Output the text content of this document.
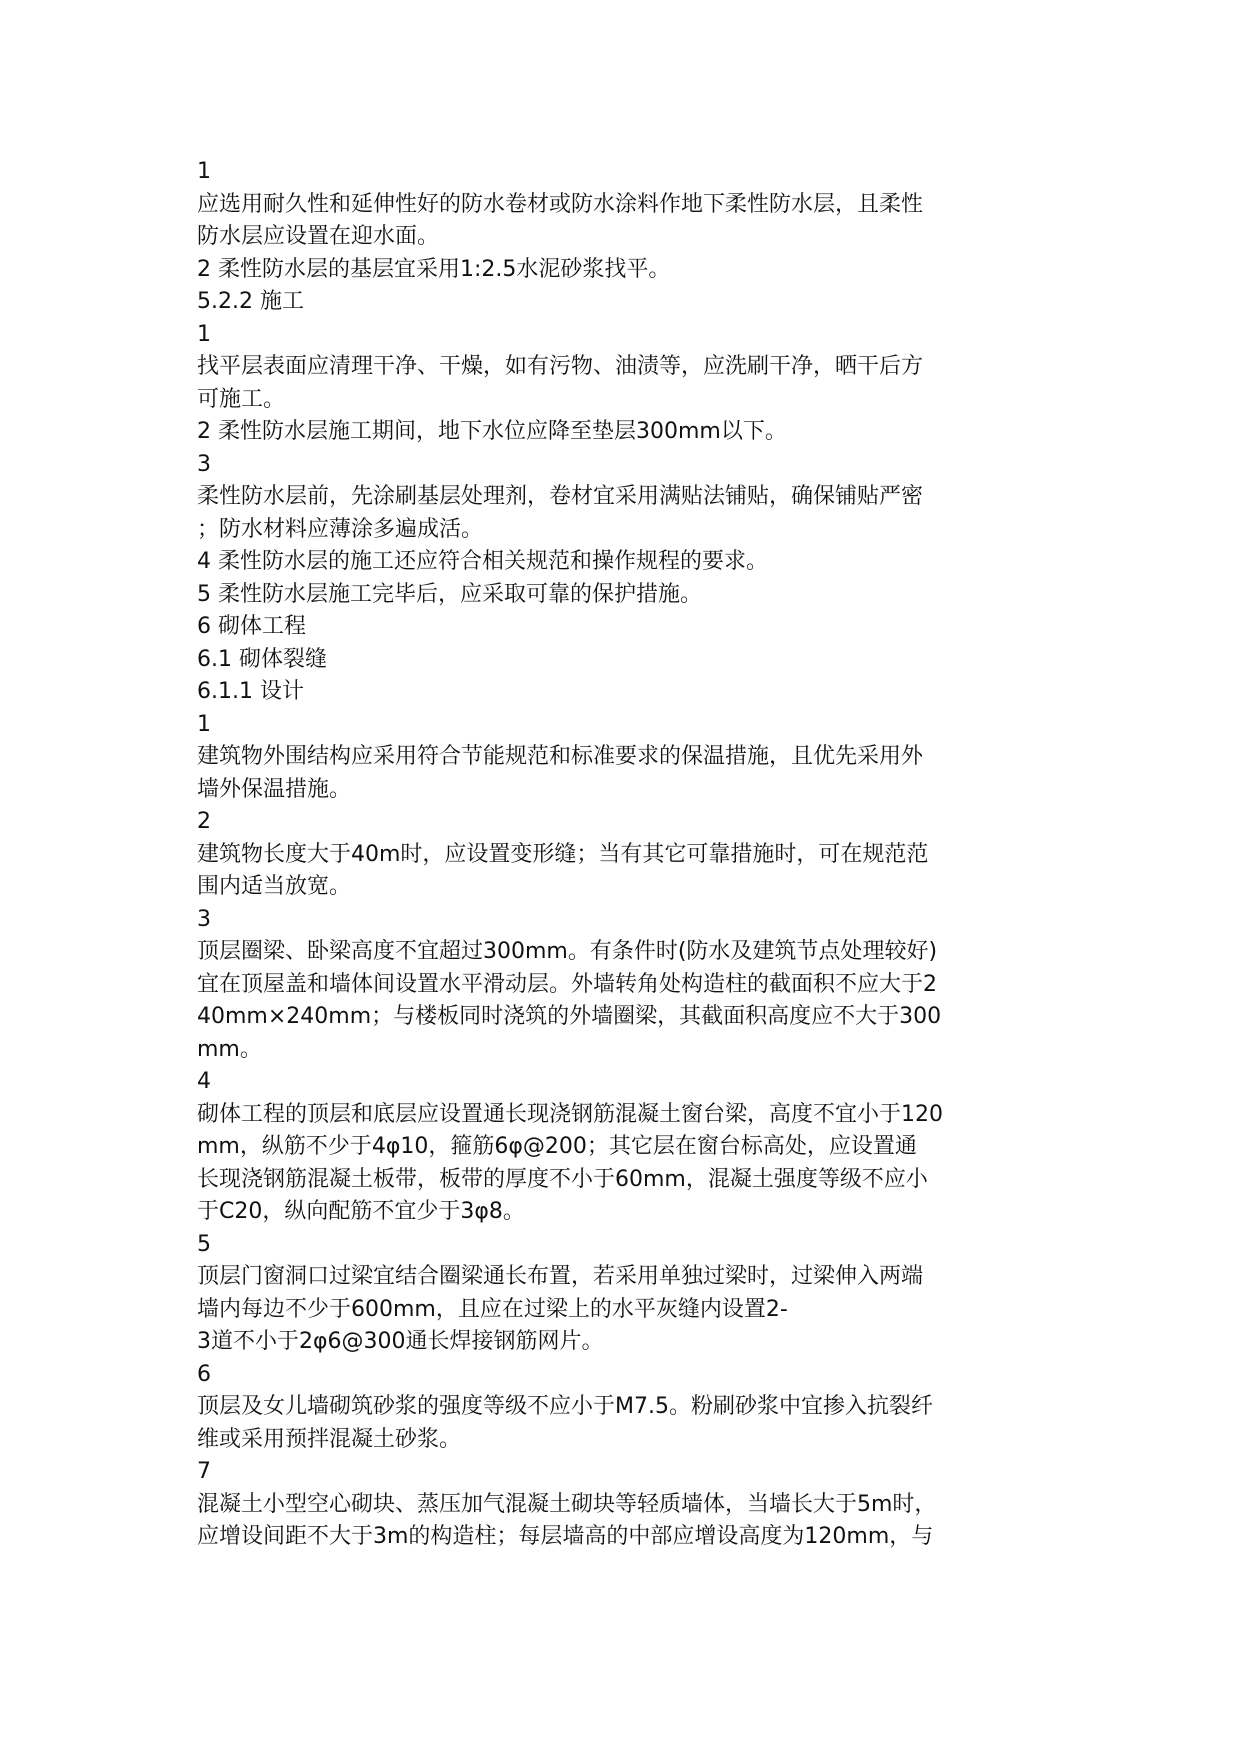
1
应选用耐久性和延伸性好的防水卷材或防水涂料作地下柔性防水层，且柔性
防水层应设置在迎水面。
2 柔性防水层的基层宜采用1:2.5水泥砂浆找平。
5.2.2 施工
1
找平层表面应清理干净、干燥，如有污物、油渍等，应洗刷干净，晒干后方
可施工。
2 柔性防水层施工期间，地下水位应降至垫层300mm以下。
3
柔性防水层前，先涂刷基层处理剂，卷材宜采用满贴法铺贴，确保铺贴严密
；防水材料应薄涂多遍成活。
4 柔性防水层的施工还应符合相关规范和操作规程的要求。
5 柔性防水层施工完毕后，应采取可靠的保护措施。
6 砌体工程
6.1 砌体裂缝
6.1.1 设计
1
建筑物外围结构应采用符合节能规范和标准要求的保温措施，且优先采用外
墙外保温措施。
2
建筑物长度大于40m时，应设置变形缝；当有其它可靠措施时，可在规范范
围内适当放宽。
3
顶层圈梁、卧梁高度不宜超过300mm。有条件时(防水及建筑节点处理较好)
宜在顶屋盖和墙体间设置水平滑动层。外墙转角处构造柱的截面积不应大于2
40mm×240mm；与楼板同时浇筑的外墙圈梁，其截面积高度应不大于300
mm。
4
砌体工程的顶层和底层应设置通长现浇钢筋混凝土窗台梁，高度不宜小于120
mm，纵筋不少于4φ10，箍筋6φ@200；其它层在窗台标高处，应设置通
长现浇钢筋混凝土板带，板带的厚度不小于60mm，混凝土强度等级不应小
于C20，纵向配筋不宜少于3φ8。
5
顶层门窗洞口过梁宜结合圈梁通长布置，若采用单独过梁时，过梁伸入两端
墙内每边不少于600mm，且应在过梁上的水平灰缝内设置2-
3道不小于2φ6@300通长焊接钢筋网片。
6
顶层及女儿墙砌筑砂浆的强度等级不应小于M7.5。粉刷砂浆中宜掺入抗裂纤
维或采用预拌混凝土砂浆。
7
混凝土小型空心砌块、蒸压加气混凝土砌块等轻质墙体，当墙长大于5m时，
应增设间距不大于3m的构造柱；每层墙高的中部应增设高度为120mm，与
